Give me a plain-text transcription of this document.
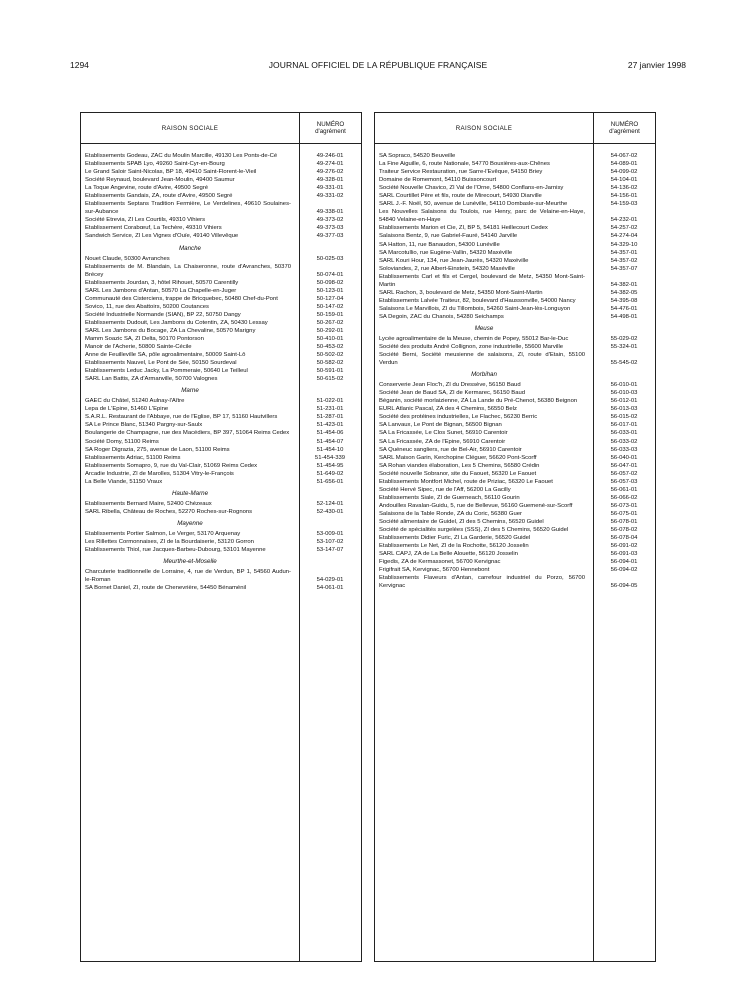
1294	JOURNAL OFFICIEL DE LA RÉPUBLIQUE FRANÇAISE	27 janvier 1998
RAISON SOCIALE	NUMÉRO
d'agrément
Etablissements Godeau, ZAC du Moulin Marcille, 49130 Les Ponts-de-Cé	49-246-01
Etablissements SPAB Lyo, 49260 Saint-Cyr-en-Bourg	49-274-01
Le Grand Saloir Saint-Nicolas, BP 18, 49410 Saint-Florent-le-Vieil	49-276-02
Société Reynaud, boulevard Jean-Moulin, 49400 Saumur	49-328-01
La Toque Angevine, route d'Avire, 49500 Segré	49-331-01
Etablissements Gandais, ZA, route d'Avire, 49500 Segré	49-331-02
Etablissements Septans Tradition Fermière, Le Verdelines, 49610 Soulaines-sur-Aubance	49-338-01
Société Etrevia, ZI Les Courtils, 49310 Vihiers	49-373-02
Etablissement Corabœuf, La Techère, 49310 Vihiers	49-373-03
Sandwich Service, ZI Les Vignes d'Ouïe, 49140 Villevêque	49-377-03
Manche
Nouet Claude, 50300 Avranches	50-025-03
Etablissements de M. Blandain, La Chaiseronne, route d'Avranches, 50370 Brécey	50-074-01
Etablissements Jourdan, 3, hôtel Rihouet, 50570 Carentilly	50-098-02
SARL Les Jambons d'Antan, 50570 La Chapelle-en-Juger	50-123-01
Communauté des Cisterciens, trappe de Bricquebec, 50480 Chef-du-Pont	50-127-04
Sovico, 11, rue des Abattoirs, 50200 Coutances	50-147-02
Société Industrielle Normande (SIAN), BP 22, 50750 Dangy	50-159-01
Etablissements Dudouit, Les Jambons du Cotentin, ZA, 50430 Lessay	50-267-02
SARL Les Jambons du Bocage, ZA La Chevaline, 50570 Marigny	50-292-01
Mamm Soazic SA, ZI Delta, 50170 Pontorson	50-410-01
Manoir de l'Acherie, 50800 Sainte-Cécile	50-453-02
Anne de Feuilleville SA, pôle agroalimentaire, 50009 Saint-Lô	50-502-02
Etablissements Nauvel, Le Pont de Sée, 50150 Sourdeval	50-582-02
Etablissements Leduc Jacky, La Pommeraie, 50640 Le Teilleul	50-591-01
SARL Lan Battis, ZA d'Armanville, 50700 Valognes	50-615-02
Marne
GAEC du Châtel, 51240 Aulnay-l'Aître	51-022-01
Lepa de L'Epine, 51460 L'Epine	51-231-01
S.A.R.L. Restaurant de l'Abbaye, rue de l'Eglise, BP 17, 51160 Hautvillers	51-287-01
SA Le Prince Blanc, 51340 Pargny-sur-Saulx	51-423-01
Boulangerie de Champagne, rue des Macédiers, BP 397, 51064 Reims Cedex	51-454-06
Société Domy, 51100 Reims	51-454-07
SA Roger Digrazia, 275, avenue de Laon, 51100 Reims	51-454-10
Etablissements Adriac, 51100 Reims	51-454-339
Etablissements Somapro, 9, rue du Val-Clair, 51069 Reims Cedex	51-454-95
Arcadie Industrie, ZI de Marolles, 51304 Vitry-le-François	51-649-02
La Belle Viande, 51150 Vraux	51-656-01
Haute-Marne
Etablissements Bernard Maire, 52400 Chézeaux	52-124-01
SARL Ribella, Château de Roches, 52270 Roches-sur-Rognons	52-430-01
Mayenne
Etablissements Portier Salmon, Le Verger, 53170 Arquenay	53-009-01
Les Rillettes Cormonnaises, ZI de la Bourdaiserie, 53120 Gorron	53-107-02
Etablissements Thiol, rue Jacques-Barbeu-Dubourg, 53101 Mayenne	53-147-07
Meurthe-et-Moselle
Charcuterie traditionnelle de Lorraine, 4, rue de Verdun, BP 1, 54560 Audun-le-Roman	54-029-01
SA Bornet Daniel, ZI, route de Chenevrière, 54450 Bénaménil	54-061-01
RAISON SOCIALE	NUMÉRO
d'agrément
SA Sopraco, 54520 Beuveille	54-067-02
La Fine Aiguille, 6, route Nationale, 54770 Bouxières-aux-Chênes	54-089-01
Traiteur Service Restauration, rue Sarre-l'Evêque, 54150 Briey	54-099-02
Domaine de Romemont, 54110 Buissoncourt	54-104-01
Société Nouvelle Chavico, ZI Val de l'Orne, 54800 Conflans-en-Jarnisy	54-136-02
SARL Courtillet Père et fils, route de Mirecourt, 54930 Diarville	54-156-01
SARL J.-F. Noël, 50, avenue de Lunéville, 54110 Dombasle-sur-Meurthe	54-159-03
Les Nouvelles Salaisons du Toulois, rue Henry, parc de Velaine-en-Haye, 54840 Velaine-en-Haye	54-232-01
Etablissements Marion et Cie, ZI, BP 5, 54181 Heillecourt Cedex	54-257-02
Salaisons Bentz, 9, rue Gabriel-Fauré, 54140 Jarville	54-274-04
SA Hatton, 11, rue Banaudon, 54300 Lunéville	54-329-10
SA Marcotullio, rue Eugène-Vallin, 54320 Maxéville	54-357-01
SARL Kouri Hour, 134, rue Jean-Jaurès, 54320 Maxéville	54-357-02
Soloviandes, 2, rue Albert-Einstein, 54320 Maxéville	54-357-07
Etablissements Carl et fils et Cergel, boulevard de Metz, 54350 Mont-Saint-Martin	54-382-01
SARL Rachon, 3, boulevard de Metz, 54350 Mont-Saint-Martin	54-382-05
Etablissements Lalvée Traiteur, 82, boulevard d'Haussonville, 54000 Nancy	54-395-08
Salaisons Le Marvillois, ZI du Tillombois, 54260 Saint-Jean-lès-Longuyon	54-476-01
SA Degoin, ZAC du Chanois, 54280 Seichamps	54-498-01
Meuse
Lycée agroalimentaire de la Meuse, chemin de Popey, 55012 Bar-le-Duc	55-029-02
Société des produits André Collignon, zone industrielle, 55600 Marville	55-324-01
Société Berni, Société meusienne de salaisons, ZI, route d'Etain, 55100 Verdun	55-545-02
Morbihan
Conserverie Jean Floc'h, ZI du Dressève, 56150 Baud	56-010-01
Société Jean de Baud SA, ZI de Kermarec, 56150 Baud	56-010-03
Béganin, société morlaizienne, ZA La Lande du Pré-Chenot, 56380 Beignon	56-012-01
EURL Atlanic Pascal, ZA des 4 Chemins, 56550 Belz	56-013-03
Société des protéines industrielles, Le Flachec, 56230 Berric	56-015-02
SA Lanvaux, Le Pont de Bignan, 56500 Bignan	56-017-01
SA La Fricassée, Le Clos Sunet, 56910 Carentoir	56-033-01
SA La Fricassée, ZA de l'Epine, 56910 Carentoir	56-033-02
SA Quéneuc sangliers, rue de Bel-Air, 56910 Carentoir	56-033-03
SARL Maison Garin, Kerchopine Cléguer, 56620 Pont-Scorff	56-040-01
SA Rohan viandes élaboration, Les 5 Chemins, 56580 Crédin	56-047-01
Société nouvelle Sobranor, site du Faouet, 56320 Le Faouet	56-057-02
Etablissements Montfort Michel, route de Priziac, 56320 Le Faouet	56-057-03
Société Hervé Sipec, rue de l'Aff, 56200 La Gacilly	56-061-01
Etablissements Siale, ZI de Guerneach, 56110 Gourin	56-066-02
Andouilles Ravalan-Guidu, 5, rue de Bellevue, 56160 Guemené-sur-Scorff	56-073-01
Salaisons de la Table Ronde, ZA du Coric, 56380 Guer	56-075-01
Société alimentaire de Guidel, ZI des 5 Chemins, 56520 Guidel	56-078-01
Société de spécialités surgelées (SSS), ZI des 5 Chemins, 56520 Guidel	56-078-02
Etablissements Didier Furic, ZI La Garderie, 56520 Guidel	56-078-04
Etablissements Le Net, ZI de la Rochotte, 56120 Josselin	56-091-02
SARL CAPJ, ZA de La Belle Alouette, 56120 Josselin	56-091-03
Figedis, ZA de Kermassonet, 56700 Kervignac	56-094-01
Frigifrait SA, Kervignac, 56700 Hennebont	56-094-02
Etablissements Flaveurs d'Antan, carrefour industriel du Porzo, 56700 Kervignac	56-094-05
